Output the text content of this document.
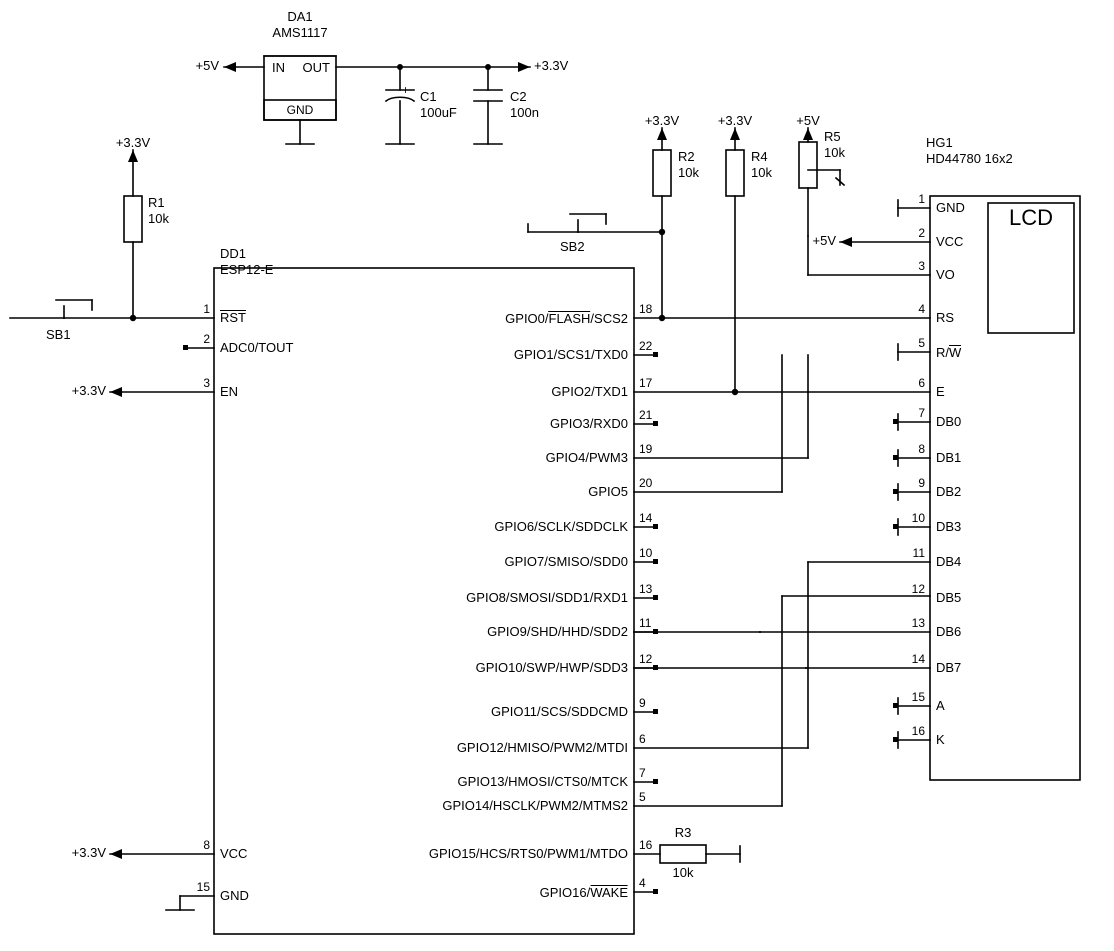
DA1
AMS1117
IN OUT
GND
+5V	+3.3V
+ C1
100uF
C2
100n
+3.3V
R1
10k
SB1
DD1
ESP12-E
HG1
HD44780 16x2
LCD
+3.3V
R2
10k
SB2
+3.3V
R4
10k
+5V
R5
10k
+5V
+3.3V
+3.3V
R3
10k
1
RST
2
ADC0/TOUT
3
EN
8
VCC
15
GND
18
22
17
21
19
20
14
10
13
11
12
9
6
7
5
16
4
GPIO0/FLASH/SCS2
GPIO1/SCS1/TXD0
GPIO2/TXD1
GPIO3/RXD0
GPIO4/PWM3
GPIO5
GPIO6/SCLK/SDDCLK
GPIO7/SMISO/SDD0
GPIO8/SMOSI/SDD1/RXD1
GPIO9/SHD/HHD/SDD2
GPIO10/SWP/HWP/SDD3
GPIO11/SCS/SDDCMD
GPIO12/HMISO/PWM2/MTDI
GPIO13/HMOSI/CTS0/MTCK
GPIO14/HSCLK/PWM2/MTMS2
GPIO15/HCS/RTS0/PWM1/MTDO
GPIO16/WAKE
1
GND
2
VCC
3
VO
4
RS
5
R/W
6
E
7
DB0
8
DB1
9
DB2
10
DB3
11
DB4
12
DB5
13
DB6
14
DB7
15
A
16
K
